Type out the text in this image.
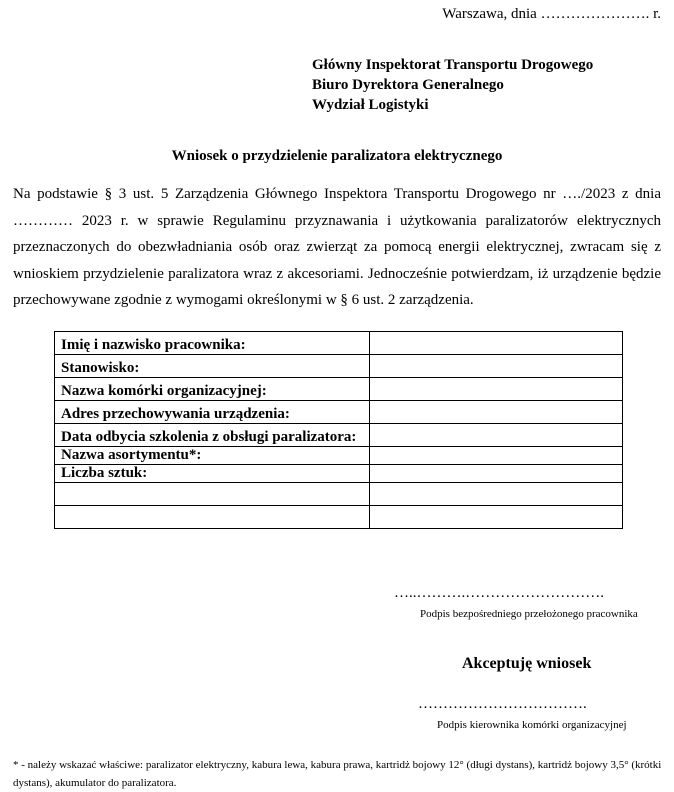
Warszawa, dnia …………………. r.
Główny Inspektorat Transportu Drogowego
Biuro Dyrektora Generalnego
Wydział Logistyki
Wniosek o przydzielenie paralizatora elektrycznego
Na podstawie § 3 ust. 5 Zarządzenia Głównego Inspektora Transportu Drogowego nr …./2023 z dnia ………… 2023 r. w sprawie Regulaminu przyznawania i użytkowania paralizatorów elektrycznych przeznaczonych do obezwładniania osób oraz zwierząt za pomocą energii elektrycznej, zwracam się z wnioskiem przydzielenie paralizatora wraz z akcesoriami. Jednocześnie potwierdzam, iż urządzenie będzie przechowywane zgodnie z wymogami określonymi w § 6 ust. 2 zarządzenia.
Imię i nazwisko pracownika:	
Stanowisko:	
Nazwa komórki organizacyjnej:	
Adres przechowywania urządzenia:	
Data odbycia szkolenia z obsługi paralizatora:	
Nazwa asortymentu*:	
Liczba sztuk:	

…..……….……………………….
Podpis bezpośredniego przełożonego pracownika
Akceptuję wniosek
…………………………….
Podpis kierownika komórki organizacyjnej
* - należy wskazać właściwe: paralizator elektryczny, kabura lewa, kabura prawa, kartridż bojowy 12° (długi dystans), kartridż bojowy 3,5° (krótki dystans), akumulator do paralizatora.
